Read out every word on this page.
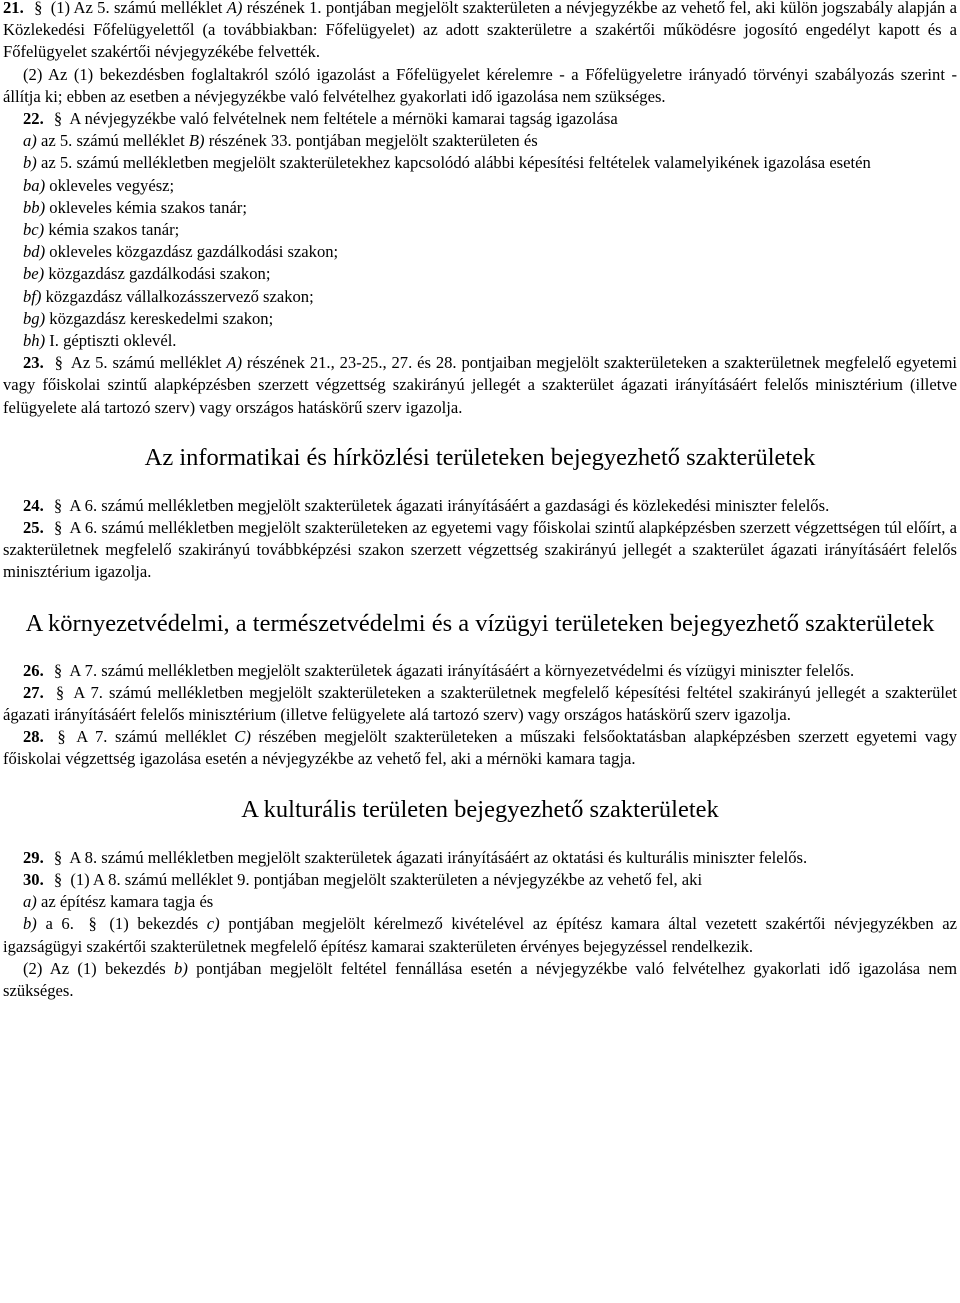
21. § (1) Az 5. számú melléklet A) részének 1. pontjában megjelölt szakterületen a névjegyzékbe az vehető fel, aki külön jogszabály alapján a Közlekedési Főfelügyelettől (a továbbiakban: Főfelügyelet) az adott szakterületre a szakértői működésre jogosító engedélyt kapott és a Főfelügyelet szakértői névjegyzékébe felvették.

(2) Az (1) bekezdésben foglaltakról szóló igazolást a Főfelügyelet kérelemre - a Főfelügyeletre irányadó törvényi szabályozás szerint - állítja ki; ebben az esetben a névjegyzékbe való felvételhez gyakorlati idő igazolása nem szükséges.

22. § A névjegyzékbe való felvételnek nem feltétele a mérnöki kamarai tagság igazolása

a) az 5. számú melléklet B) részének 33. pontjában megjelölt szakterületen és

b) az 5. számú mellékletben megjelölt szakterületekhez kapcsolódó alábbi képesítési feltételek valamelyikének igazolása esetén

ba) okleveles vegyész;

bb) okleveles kémia szakos tanár;

bc) kémia szakos tanár;

bd) okleveles közgazdász gazdálkodási szakon;

be) közgazdász gazdálkodási szakon;

bf) közgazdász vállalkozásszervező szakon;

bg) közgazdász kereskedelmi szakon;

bh) I. géptiszti oklevél.

23. § Az 5. számú melléklet A) részének 21., 23-25., 27. és 28. pontjaiban megjelölt szakterületeken a szakterületnek megfelelő egyetemi vagy főiskolai szintű alapképzésben szerzett végzettség szakirányú jellegét a szakterület ágazati irányításáért felelős minisztérium (illetve felügyelete alá tartozó szerv) vagy országos hatáskörű szerv igazolja.

Az informatikai és hírközlési területeken bejegyezhető szakterületek

24. § A 6. számú mellékletben megjelölt szakterületek ágazati irányításáért a gazdasági és közlekedési miniszter felelős.

25. § A 6. számú mellékletben megjelölt szakterületeken az egyetemi vagy főiskolai szintű alapképzésben szerzett végzettségen túl előírt, a szakterületnek megfelelő szakirányú továbbképzési szakon szerzett végzettség szakirányú jellegét a szakterület ágazati irányításáért felelős minisztérium igazolja.

A környezetvédelmi, a természetvédelmi és a vízügyi területeken bejegyezhető szakterületek

26. § A 7. számú mellékletben megjelölt szakterületek ágazati irányításáért a környezetvédelmi és vízügyi miniszter felelős.

27. § A 7. számú mellékletben megjelölt szakterületeken a szakterületnek megfelelő képesítési feltétel szakirányú jellegét a szakterület ágazati irányításáért felelős minisztérium (illetve felügyelete alá tartozó szerv) vagy országos hatáskörű szerv igazolja.

28. § A 7. számú melléklet C) részében megjelölt szakterületeken a műszaki felsőoktatásban alapképzésben szerzett egyetemi vagy főiskolai végzettség igazolása esetén a névjegyzékbe az vehető fel, aki a mérnöki kamara tagja.

A kulturális területen bejegyezhető szakterületek

29. § A 8. számú mellékletben megjelölt szakterületek ágazati irányításáért az oktatási és kulturális miniszter felelős.

30. § (1) A 8. számú melléklet 9. pontjában megjelölt szakterületen a névjegyzékbe az vehető fel, aki

a) az építész kamara tagja és

b) a 6. § (1) bekezdés c) pontjában megjelölt kérelmező kivételével az építész kamara által vezetett szakértői névjegyzékben az igazságügyi szakértői szakterületnek megfelelő építész kamarai szakterületen érvényes bejegyzéssel rendelkezik.

(2) Az (1) bekezdés b) pontjában megjelölt feltétel fennállása esetén a névjegyzékbe való felvételhez gyakorlati idő igazolása nem szükséges.
